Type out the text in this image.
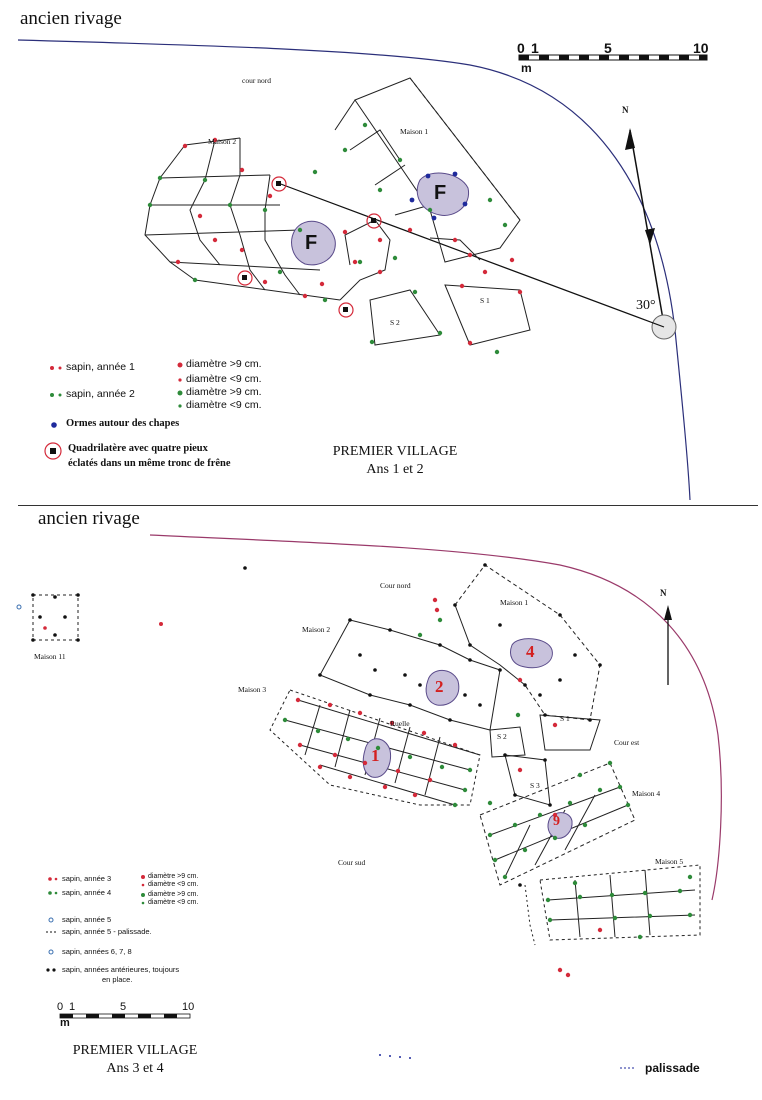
ancien rivage
0 1	5	10
m
N
30°
cour nord
Maison 1
Maison 2
S 1
S 2
F
F
sapin, année 1
sapin, année 2
diamètre >9 cm.
diamètre <9 cm.
diamètre >9 cm.
diamètre <9 cm.
Ormes autour des chapes
Quadrilatère avec quatre pieux
éclatés dans un même tronc de frêne
PREMIER VILLAGE
Ans 1 et 2
ancien rivage
Cour nord
Maison 1
Maison 2
Maison 3
Maison 4
Maison 5
Maison 11
Ruelle
Cour est
Cour sud
S 1
S 2
S 3
1
2
4
9
N
sapin, année 3
sapin, année 4
diamètre >9 cm.
diamètre <9 cm.
diamètre >9 cm.
diamètre <9 cm.
sapin, année 5
sapin, année 5 - palissade.
sapin, années 6, 7, 8
sapin, années antérieures, toujours
en place.
0 1	5	10
m
PREMIER VILLAGE
Ans 3 et 4	palissade
